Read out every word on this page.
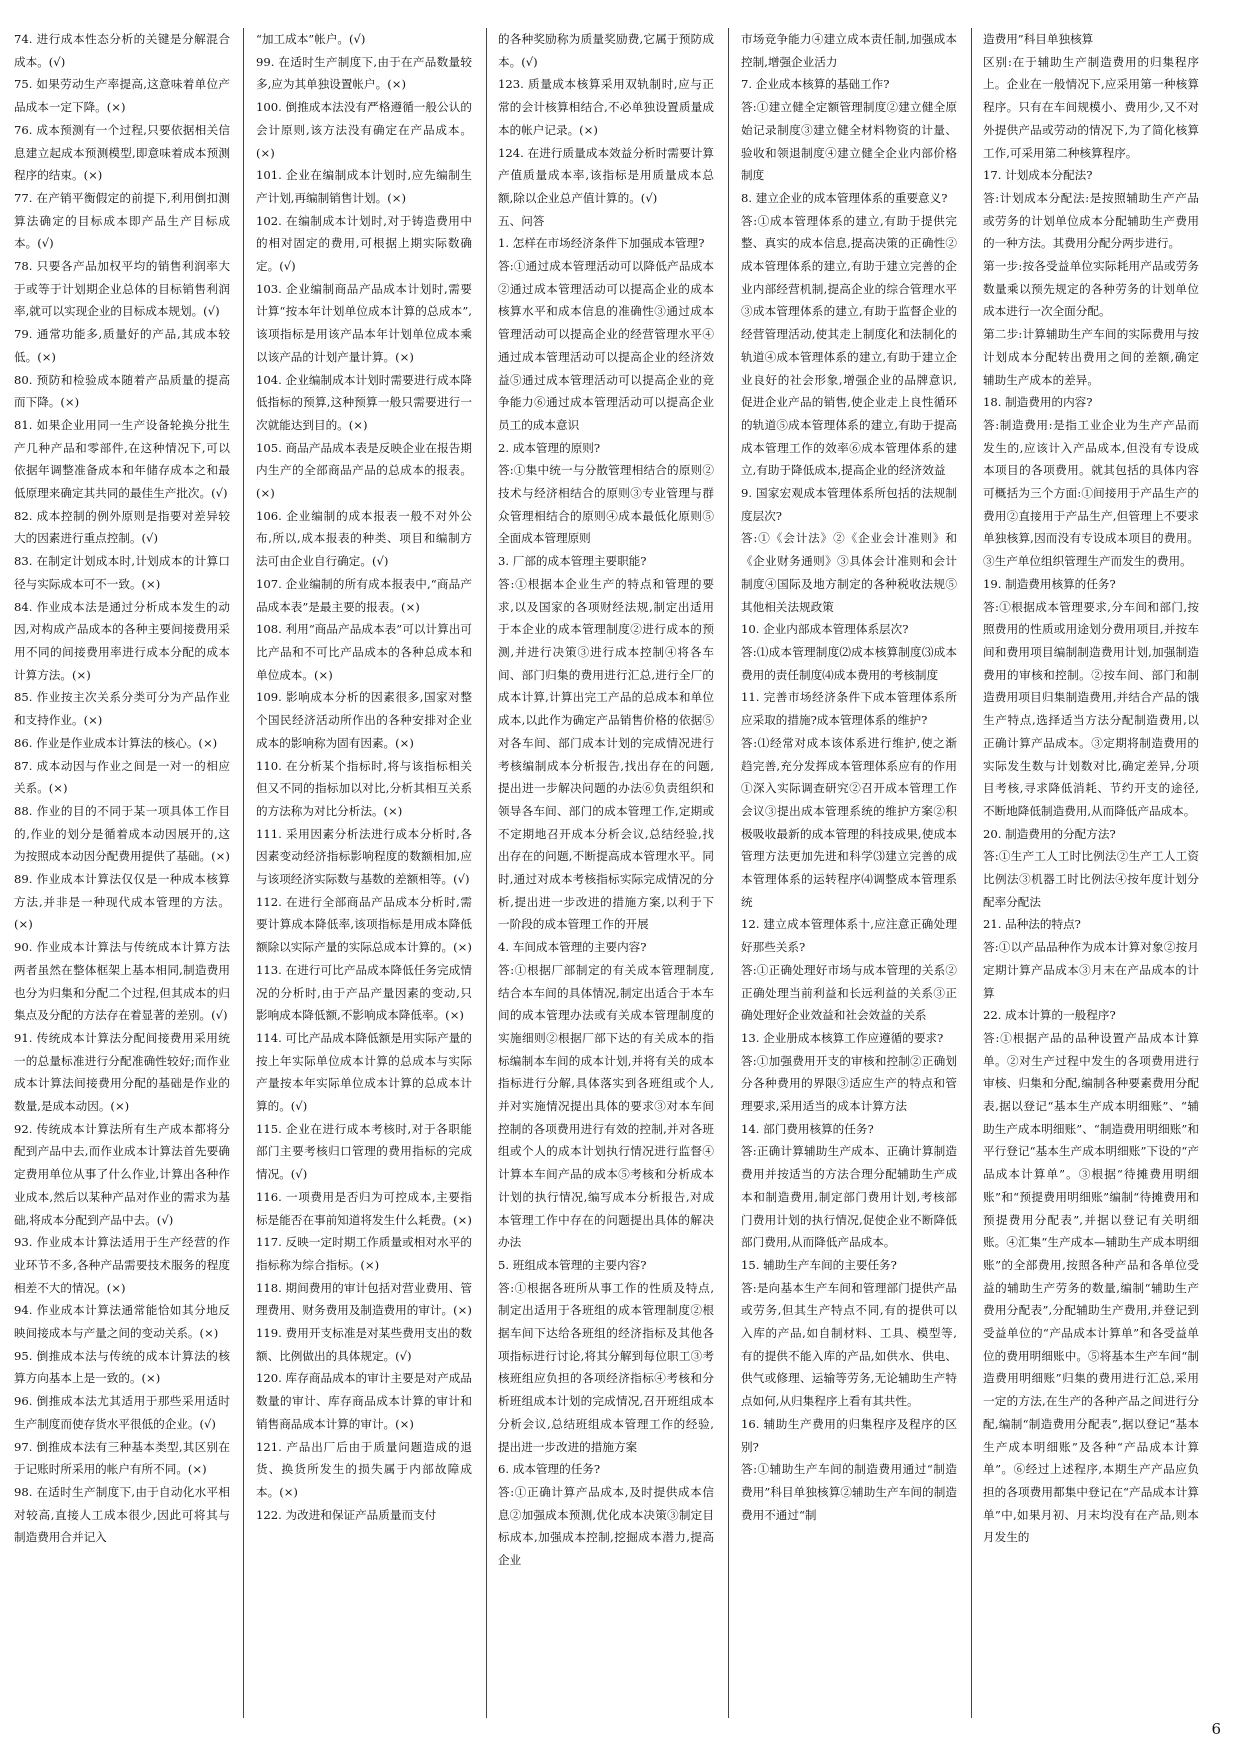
74. 进行成本性态分析的关键是分解混合成本。(√)

75. 如果劳动生产率提高,这意味着单位产品成本一定下降。(×)

76. 成本预测有一个过程,只要依据相关信息建立起成本预测模型,即意味着成本预测程序的结束。(×)

77. 在产销平衡假定的前提下,利用倒扣测算法确定的目标成本即产品生产目标成本。(√)

78. 只要各产品加权平均的销售利润率大于或等于计划期企业总体的目标销售利润率,就可以实现企业的目标成本规划。(√)

79. 通常功能多,质量好的产品,其成本较低。(×)

80. 预防和检验成本随着产品质量的提高而下降。(×)

81. 如果企业用同一生产设备轮换分批生产几种产品和零部件,在这种情况下,可以依据年调整准备成本和年储存成本之和最低原理来确定其共同的最佳生产批次。(√)

82. 成本控制的例外原则是指要对差异较大的因素进行重点控制。(√)

83. 在制定计划成本时,计划成本的计算口径与实际成本可不一致。(×)

84. 作业成本法是通过分析成本发生的动因,对构成产品成本的各种主要间接费用采用不同的间接费用率进行成本分配的成本计算方法。(×)

85. 作业按主次关系分类可分为产品作业和支持作业。(×)

86. 作业是作业成本计算法的核心。(×)

87. 成本动因与作业之间是一对一的相应关系。(×)

88. 作业的目的不同于某一项具体工作目的,作业的划分是循着成本动因展开的,这为按照成本动因分配费用提供了基础。(×)

89. 作业成本计算法仅仅是一种成本核算方法,并非是一种现代成本管理的方法。(×)

90. 作业成本计算法与传统成本计算方法两者虽然在整体框架上基本相同,制造费用也分为归集和分配二个过程,但其成本的归集点及分配的方法存在着显著的差别。(√)

91. 传统成本计算法分配间接费用采用统一的总量标准进行分配准确性较好;而作业成本计算法间接费用分配的基础是作业的数量,是成本动因。(×)

92. 传统成本计算法所有生产成本都将分配到产品中去,而作业成本计算法首先要确定费用单位从事了什么作业,计算出各种作业成本,然后以某种产品对作业的需求为基础,将成本分配到产品中去。(√)

93. 作业成本计算法适用于生产经营的作业环节不多,各种产品需要技术服务的程度相差不大的情况。(×)

94. 作业成本计算法通常能恰如其分地反映间接成本与产量之间的变动关系。(×)

95. 倒推成本法与传统的成本计算法的核算方向基本上是一致的。(×)

96. 倒推成本法尤其适用于那些采用适时生产制度而使存货水平很低的企业。(√)

97. 倒推成本法有三种基本类型,其区别在于记账时所采用的帐户有所不同。(×)

98. 在适时生产制度下,由于自动化水平相对较高,直接人工成本很少,因此可将其与制造费用合并记入

“加工成本”帐户。(√)

99. 在适时生产制度下,由于在产品数量较多,应为其单独设置帐户。(×)

100. 倒推成本法没有严格遵循一般公认的会计原则,该方法没有确定在产品成本。(×)

101. 企业在编制成本计划时,应先编制生产计划,再编制销售计划。(×)

102. 在编制成本计划时,对于铸造费用中的相对固定的费用,可根据上期实际数确定。(√)

103. 企业编制商品产品成本计划时,需要计算“按本年计划单位成本计算的总成本”,该项指标是用该产品本年计划单位成本乘以该产品的计划产量计算。(×)

104. 企业编制成本计划时需要进行成本降低指标的预算,这种预算一般只需要进行一次就能达到目的。(×)

105. 商品产品成本表是反映企业在报告期内生产的全部商品产品的总成本的报表。(×)

106. 企业编制的成本报表一般不对外公布,所以,成本报表的种类、项目和编制方法可由企业自行确定。(√)

107. 企业编制的所有成本报表中,“商品产品成本表”是最主要的报表。(×)

108. 利用“商品产品成本表”可以计算出可比产品和不可比产品成本的各种总成本和单位成本。(×)

109. 影响成本分析的因素很多,国家对整个国民经济活动所作出的各种安排对企业成本的影响称为固有因素。(×)

110. 在分析某个指标时,将与该指标相关但又不同的指标加以对比,分析其相互关系的方法称为对比分析法。(×)

111. 采用因素分析法进行成本分析时,各因素变动经济指标影响程度的数额相加,应与该项经济实际数与基数的差额相等。(√)

112. 在进行全部商品产品成本分析时,需要计算成本降低率,该项指标是用成本降低额除以实际产量的实际总成本计算的。(×)

113. 在进行可比产品成本降低任务完成情况的分析时,由于产品产量因素的变动,只影响成本降低额,不影响成本降低率。(×)

114. 可比产品成本降低额是用实际产量的按上年实际单位成本计算的总成本与实际产量按本年实际单位成本计算的总成本计算的。(√)

115. 企业在进行成本考核时,对于各职能部门主要考核归口管理的费用指标的完成情况。(√)

116. 一项费用是否归为可控成本,主要指标是能否在事前知道将发生什么耗费。(×)

117. 反映一定时期工作质量或相对水平的指标称为综合指标。(×)

118. 期间费用的审计包括对营业费用、管理费用、财务费用及制造费用的审计。(×)

119. 费用开支标准是对某些费用支出的数额、比例做出的具体规定。(√)

120. 库存商品成本的审计主要是对产成品数量的审计、库存商品成本计算的审计和销售商品成本计算的审计。(×)

121. 产品出厂后由于质量问题造成的退货、换货所发生的损失属于内部故障成本。(×)

122. 为改进和保证产品质量而支付

的各种奖励称为质量奖励费,它属于预防成本。(√)

123. 质量成本核算采用双轨制时,应与正常的会计核算相结合,不必单独设置质量成本的帐户记录。(×)

124. 在进行质量成本效益分析时需要计算产值质量成本率,该指标是用质量成本总额,除以企业总产值计算的。(√)

五、问答

1. 怎样在市场经济条件下加强成本管理?

答:①通过成本管理活动可以降低产品成本②通过成本管理活动可以提高企业的成本核算水平和成本信息的准确性③通过成本管理活动可以提高企业的经营管理水平④通过成本管理活动可以提高企业的经济效益⑤通过成本管理活动可以提高企业的竞争能力⑥通过成本管理活动可以提高企业员工的成本意识

2. 成本管理的原则?

答:①集中统一与分散管理相结合的原则②技术与经济相结合的原则③专业管理与群众管理相结合的原则④成本最低化原则⑤全面成本管理原则

3. 厂部的成本管理主要职能?

答:①根据本企业生产的特点和管理的要求,以及国家的各项财经法规,制定出适用于本企业的成本管理制度②进行成本的预测,并进行决策③进行成本控制④将各车间、部门归集的费用进行汇总,进行全厂的成本计算,计算出完工产品的总成本和单位成本,以此作为确定产品销售价格的依据⑤对各车间、部门成本计划的完成情况进行考核编制成本分析报告,找出存在的问题,提出进一步解决问题的办法⑥负责组织和领导各车间、部门的成本管理工作,定期或不定期地召开成本分析会议,总结经验,找出存在的问题,不断提高成本管理水平。同时,通过对成本考核指标实际完成情况的分析,提出进一步改进的措施方案,以利于下一阶段的成本管理工作的开展

4. 车间成本管理的主要内容?

答:①根据厂部制定的有关成本管理制度,结合本车间的具体情况,制定出适合于本车间的成本管理办法或有关成本管理制度的实施细则②根据厂部下达的有关成本的指标编制本车间的成本计划,并将有关的成本指标进行分解,具体落实到各班组或个人,并对实施情况提出具体的要求③对本车间控制的各项费用进行有效的控制,并对各班组或个人的成本计划执行情况进行监督④计算本车间产品的成本⑤考核和分析成本计划的执行情况,编写成本分析报告,对成本管理工作中存在的问题提出具体的解决办法

5. 班组成本管理的主要内容?

答:①根据各班所从事工作的性质及特点,制定出适用于各班组的成本管理制度②根据车间下达给各班组的经济指标及其他各项指标进行讨论,将其分解到每位职工③考核班组应负担的各项经济指标④考核和分析班组成本计划的完成情况,召开班组成本分析会议,总结班组成本管理工作的经验,提出进一步改进的措施方案

6. 成本管理的任务?

答:①正确计算产品成本,及时提供成本信息②加强成本预测,优化成本决策③制定目标成本,加强成本控制,挖掘成本潜力,提高企业

市场竞争能力④建立成本责任制,加强成本控制,增强企业活力

7. 企业成本核算的基础工作?

答:①建立健全定额管理制度②建立健全原始记录制度③建立健全材料物资的计量、验收和领退制度④建立健全企业内部价格制度

8. 建立企业的成本管理体系的重要意义?

答:①成本管理体系的建立,有助于提供完整、真实的成本信息,提高决策的正确性②成本管理体系的建立,有助于建立完善的企业内部经营机制,提高企业的综合管理水平③成本管理体系的建立,有助于监督企业的经营管理活动,使其走上制度化和法制化的轨道④成本管理体系的建立,有助于建立企业良好的社会形象,增强企业的品牌意识,促进企业产品的销售,使企业走上良性循环的轨道⑤成本管理体系的建立,有助于提高成本管理工作的效率⑥成本管理体系的建立,有助于降低成本,提高企业的经济效益

9. 国家宏观成本管理体系所包括的法规制度层次?

答:①《会计法》②《企业会计准则》和《企业财务通则》③具体会计准则和会计制度④国际及地方制定的各种税收法规⑤其他相关法规政策

10. 企业内部成本管理体系层次?

答:⑴成本管理制度⑵成本核算制度⑶成本费用的责任制度⑷成本费用的考核制度

11. 完善市场经济条件下成本管理体系所应采取的措施?成本管理体系的维护?

答:⑴经常对成本该体系进行维护,使之渐趋完善,充分发挥成本管理体系应有的作用①深入实际调查研究②召开成本管理工作会议③提出成本管理系统的维护方案②积极吸收最新的成本管理的科技成果,使成本管理方法更加先进和科学⑶建立完善的成本管理体系的运转程序⑷调整成本管理系统

12. 建立成本管理体系十,应注意正确处理好那些关系?

答:①正确处理好市场与成本管理的关系②正确处理当前利益和长远利益的关系③正确处理好企业效益和社会效益的关系

13. 企业册成本核算工作应遵循的要求?

答:①加强费用开支的审核和控制②正确划分各种费用的界限③适应生产的特点和管理要求,采用适当的成本计算方法

14. 部门费用核算的任务?

答:正确计算辅助生产成本、正确计算制造费用并按适当的方法合理分配辅助生产成本和制造费用,制定部门费用计划,考核部门费用计划的执行情况,促使企业不断降低部门费用,从而降低产品成本。

15. 辅助生产车间的主要任务?

答:是向基本生产车间和管理部门提供产品或劳务,但其生产特点不同,有的提供可以入库的产品,如自制材料、工具、模型等,有的提供不能入库的产品,如供水、供电、供气或修理、运输等劳务,无论辅助生产特点如何,从归集程序上看有其共性。

16. 辅助生产费用的归集程序及程序的区别?

答:①辅助生产车间的制造费用通过“制造费用”科目单独核算②辅助生产车间的制造费用不通过“制

造费用”科目单独核算

区别:在于辅助生产制造费用的归集程序上。企业在一般情况下,应采用第一种核算程序。只有在车间规模小、费用少,又不对外提供产品或劳动的情况下,为了简化核算工作,可采用第二种核算程序。

17. 计划成本分配法?

答:计划成本分配法:是按照辅助生产产品或劳务的计划单位成本分配辅助生产费用的一种方法。其费用分配分两步进行。

第一步:按各受益单位实际耗用产品或劳务数量乘以预先规定的各种劳务的计划单位成本进行一次全面分配。

第二步:计算辅助生产车间的实际费用与按计划成本分配转出费用之间的差额,确定 辅助生产成本的差异。

18. 制造费用的内容?

答:制造费用:是指工业企业为生产产品而发生的,应该计入产品成本,但没有专设成本项目的各项费用。就其包括的具体内容可概括为三个方面:①间接用于产品生产的费用②直接用于产品生产,但管理上不要求单独核算,因而没有专设成本项目的费用。③生产单位组织管理生产而发生的费用。

19. 制造费用核算的任务?

答:①根据成本管理要求,分车间和部门,按照费用的性质或用途划分费用项目,并按车间和费用项目编制制造费用计划,加强制造费用的审核和控制。②按车间、部门和制造费用项目归集制造费用,并结合产品的饿生产特点,选择适当方法分配制造费用,以正确计算产品成本。③定期将制造费用的实际发生数与计划数对比,确定差异,分项目考核,寻求降低消耗、节约开支的途径,不断地降低制造费用,从而降低产品成本。

20. 制造费用的分配方法?

答:①生产工人工时比例法②生产工人工资比例法③机器工时比例法④按年度计划分配率分配法

21. 品种法的特点?

答:①以产品品种作为成本计算对象②按月定期计算产品成本③月末在产品成本的计算

22. 成本计算的一般程序?

答:①根据产品的品种设置产品成本计算单。②对生产过程中发生的各项费用进行审核、归集和分配,编制各种要素费用分配表,据以登记“基本生产成本明细账”、“辅助生产成本明细账”、“制造费用明细账”和平行登记“基本生产成本明细账”下设的“产品成本计算单”。③根据“待摊费用明细账”和“预提费用明细账”编制“待摊费用和预提费用分配表”,并据以登记有关明细账。④汇集“生产成本—辅助生产成本明细账”的全部费用,按照各种产品和各单位受益的辅助生产劳务的数量,编制“辅助生产费用分配表”,分配辅助生产费用,并登记到受益单位的“产品成本计算单”和各受益单位的费用明细账中。⑤将基本生产车间“制造费用明细账”归集的费用进行汇总,采用一定的方法,在生产的各种产品之间进行分配,编制“制造费用分配表”,据以登记“基本生产成本明细账”及各种“产品成本计算单”。⑥经过上述程序,本期生产产品应负担的各项费用都集中登记在“产品成本计算单”中,如果月初、月末均没有在产品,则本月发生的

6
